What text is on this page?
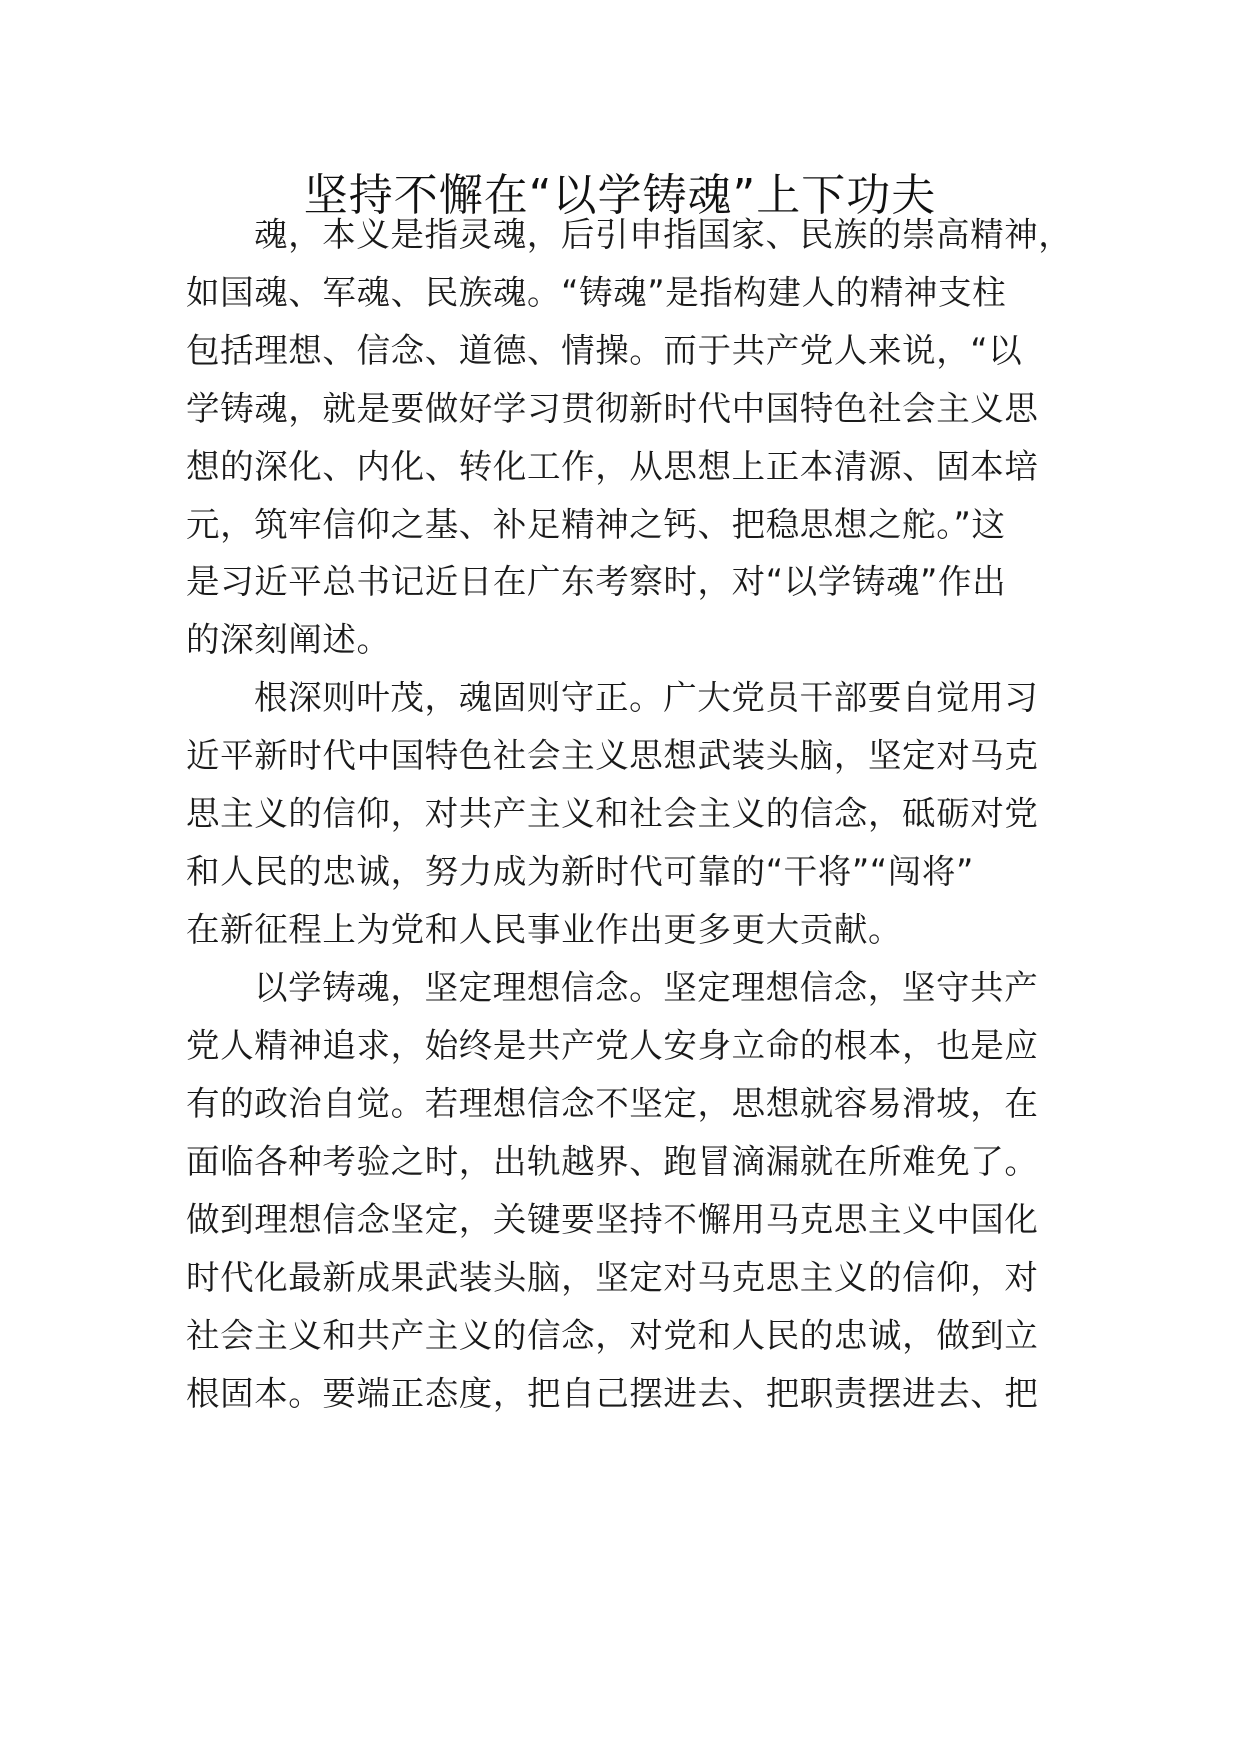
坚持不懈在“以学铸魂”上下功夫

魂，本义是指灵魂，后引申指国家、民族的崇高精神，

如国魂、军魂、民族魂。“铸魂”是指构建人的精神支柱

包括理想、信念、道德、情操。而于共产党人来说，“以

学铸魂，就是要做好学习贯彻新时代中国特色社会主义思

想的深化、内化、转化工作，从思想上正本清源、固本培

元，筑牢信仰之基、补足精神之钙、把稳思想之舵。”这

是习近平总书记近日在广东考察时，对“以学铸魂”作出

的深刻阐述。

根深则叶茂，魂固则守正。广大党员干部要自觉用习

近平新时代中国特色社会主义思想武装头脑，坚定对马克

思主义的信仰，对共产主义和社会主义的信念，砥砺对党

和人民的忠诚，努力成为新时代可靠的“干将”“闯将”

在新征程上为党和人民事业作出更多更大贡献。

以学铸魂，坚定理想信念。坚定理想信念，坚守共产

党人精神追求，始终是共产党人安身立命的根本，也是应

有的政治自觉。若理想信念不坚定，思想就容易滑坡，在

面临各种考验之时，出轨越界、跑冒滴漏就在所难免了。

做到理想信念坚定，关键要坚持不懈用马克思主义中国化

时代化最新成果武装头脑，坚定对马克思主义的信仰，对

社会主义和共产主义的信念，对党和人民的忠诚，做到立

根固本。要端正态度，把自己摆进去、把职责摆进去、把
